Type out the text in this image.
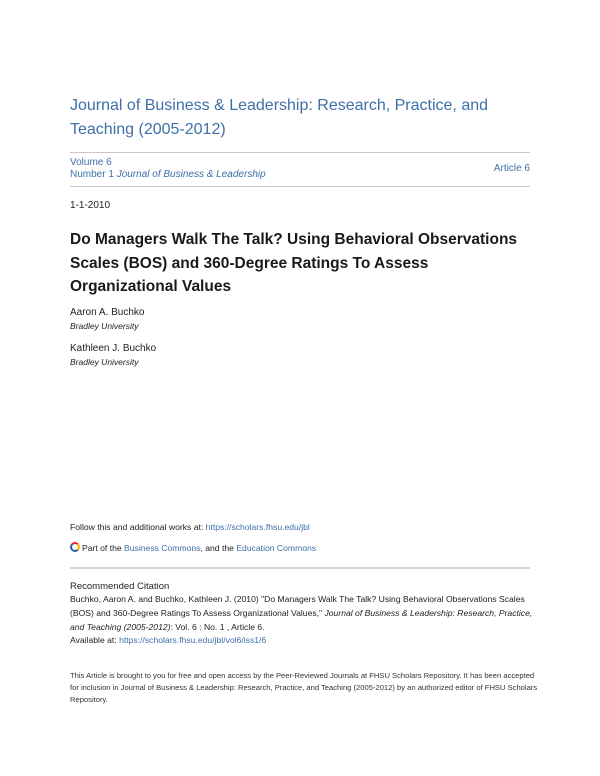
Journal of Business & Leadership: Research, Practice, and Teaching (2005-2012)
Volume 6
Number 1 Journal of Business & Leadership
Article 6
1-1-2010
Do Managers Walk The Talk? Using Behavioral Observations Scales (BOS) and 360-Degree Ratings To Assess Organizational Values
Aaron A. Buchko
Bradley University
Kathleen J. Buchko
Bradley University
Follow this and additional works at: https://scholars.fhsu.edu/jbl
Part of the Business Commons, and the Education Commons
Recommended Citation
Buchko, Aaron A. and Buchko, Kathleen J. (2010) "Do Managers Walk The Talk? Using Behavioral Observations Scales (BOS) and 360-Degree Ratings To Assess Organizational Values," Journal of Business & Leadership: Research, Practice, and Teaching (2005-2012): Vol. 6 : No. 1 , Article 6.
Available at: https://scholars.fhsu.edu/jbl/vol6/iss1/6
This Article is brought to you for free and open access by the Peer-Reviewed Journals at FHSU Scholars Repository. It has been accepted for inclusion in Journal of Business & Leadership: Research, Practice, and Teaching (2005-2012) by an authorized editor of FHSU Scholars Repository.
